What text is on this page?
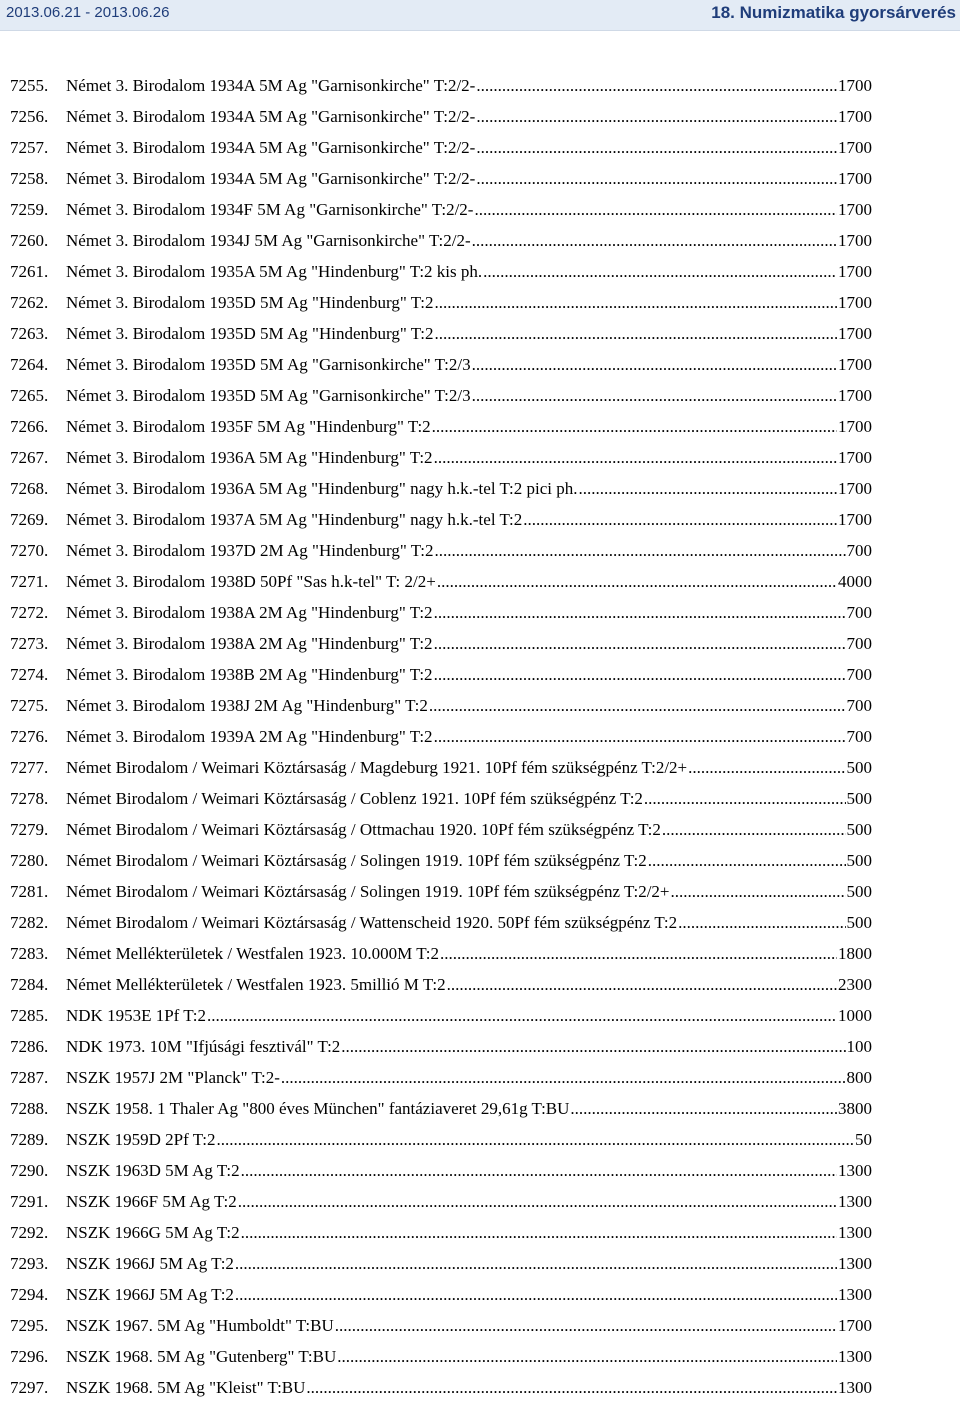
2013.06.21 - 2013.06.26	18. Numizmatika gyorsárverés
7255.	Német 3. Birodalom 1934A 5M Ag "Garnisonkirche" T:2/2- .....	1700
7256.	Német 3. Birodalom 1934A 5M Ag "Garnisonkirche" T:2/2- .....	1700
7257.	Német 3. Birodalom 1934A 5M Ag "Garnisonkirche" T:2/2- .....	1700
7258.	Német 3. Birodalom 1934A 5M Ag "Garnisonkirche" T:2/2- .....	1700
7259.	Német 3. Birodalom 1934F 5M Ag "Garnisonkirche" T:2/2- .....	1700
7260.	Német 3. Birodalom 1934J 5M Ag "Garnisonkirche" T:2/2- .....	1700
7261.	Német 3. Birodalom 1935A 5M Ag "Hindenburg" T:2 kis ph. .....	1700
7262.	Német 3. Birodalom 1935D 5M Ag "Hindenburg" T:2 .....	1700
7263.	Német 3. Birodalom 1935D 5M Ag "Hindenburg" T:2 .....	1700
7264.	Német 3. Birodalom 1935D 5M Ag "Garnisonkirche" T:2/3 .....	1700
7265.	Német 3. Birodalom 1935D 5M Ag "Garnisonkirche" T:2/3 .....	1700
7266.	Német 3. Birodalom 1935F 5M Ag "Hindenburg" T:2 .....	1700
7267.	Német 3. Birodalom 1936A 5M Ag "Hindenburg" T:2 .....	1700
7268.	Német 3. Birodalom 1936A 5M Ag "Hindenburg" nagy h.k.-tel T:2 pici ph. .....	1700
7269.	Német 3. Birodalom 1937A 5M Ag "Hindenburg" nagy h.k.-tel T:2 .....	1700
7270.	Német 3. Birodalom 1937D 2M Ag "Hindenburg" T:2 .....	700
7271.	Német 3. Birodalom 1938D 50Pf "Sas h.k-tel" T: 2/2+ .....	4000
7272.	Német 3. Birodalom 1938A 2M Ag "Hindenburg" T:2 .....	700
7273.	Német 3. Birodalom 1938A 2M Ag "Hindenburg" T:2 .....	700
7274.	Német 3. Birodalom 1938B 2M Ag "Hindenburg" T:2 .....	700
7275.	Német 3. Birodalom 1938J 2M Ag "Hindenburg" T:2 .....	700
7276.	Német 3. Birodalom 1939A 2M Ag "Hindenburg" T:2 .....	700
7277.	Német Birodalom / Weimari Köztársaság / Magdeburg 1921. 10Pf fém szükségpénz T:2/2+ .....	500
7278.	Német Birodalom / Weimari Köztársaság / Coblenz 1921. 10Pf fém szükségpénz T:2 .....	500
7279.	Német Birodalom / Weimari Köztársaság / Ottmachau 1920. 10Pf fém szükségpénz T:2 .....	500
7280.	Német Birodalom / Weimari Köztársaság / Solingen 1919. 10Pf fém szükségpénz T:2 .....	500
7281.	Német Birodalom / Weimari Köztársaság / Solingen 1919. 10Pf fém szükségpénz T:2/2+ .....	500
7282.	Német Birodalom / Weimari Köztársaság / Wattenscheid 1920. 50Pf fém szükségpénz T:2 .....	500
7283.	Német Mellékterületek / Westfalen 1923. 10.000M T:2 .....	1800
7284.	Német Mellékterületek / Westfalen 1923. 5millió M T:2 .....	2300
7285.	NDK 1953E 1Pf T:2 .....	1000
7286.	NDK 1973. 10M "Ifjúsági fesztivál" T:2 .....	100
7287.	NSZK 1957J 2M "Planck" T:2- .....	800
7288.	NSZK 1958. 1 Thaler Ag "800 éves München" fantáziaveret 29,61g T:BU .....	3800
7289.	NSZK 1959D 2Pf T:2 .....	50
7290.	NSZK 1963D 5M Ag T:2 .....	1300
7291.	NSZK 1966F 5M Ag T:2 .....	1300
7292.	NSZK 1966G 5M Ag T:2 .....	1300
7293.	NSZK 1966J 5M Ag T:2 .....	1300
7294.	NSZK 1966J 5M Ag T:2 .....	1300
7295.	NSZK 1967. 5M Ag "Humboldt" T:BU .....	1700
7296.	NSZK 1968. 5M Ag "Gutenberg" T:BU .....	1300
7297.	NSZK 1968. 5M Ag "Kleist" T:BU .....	1300
